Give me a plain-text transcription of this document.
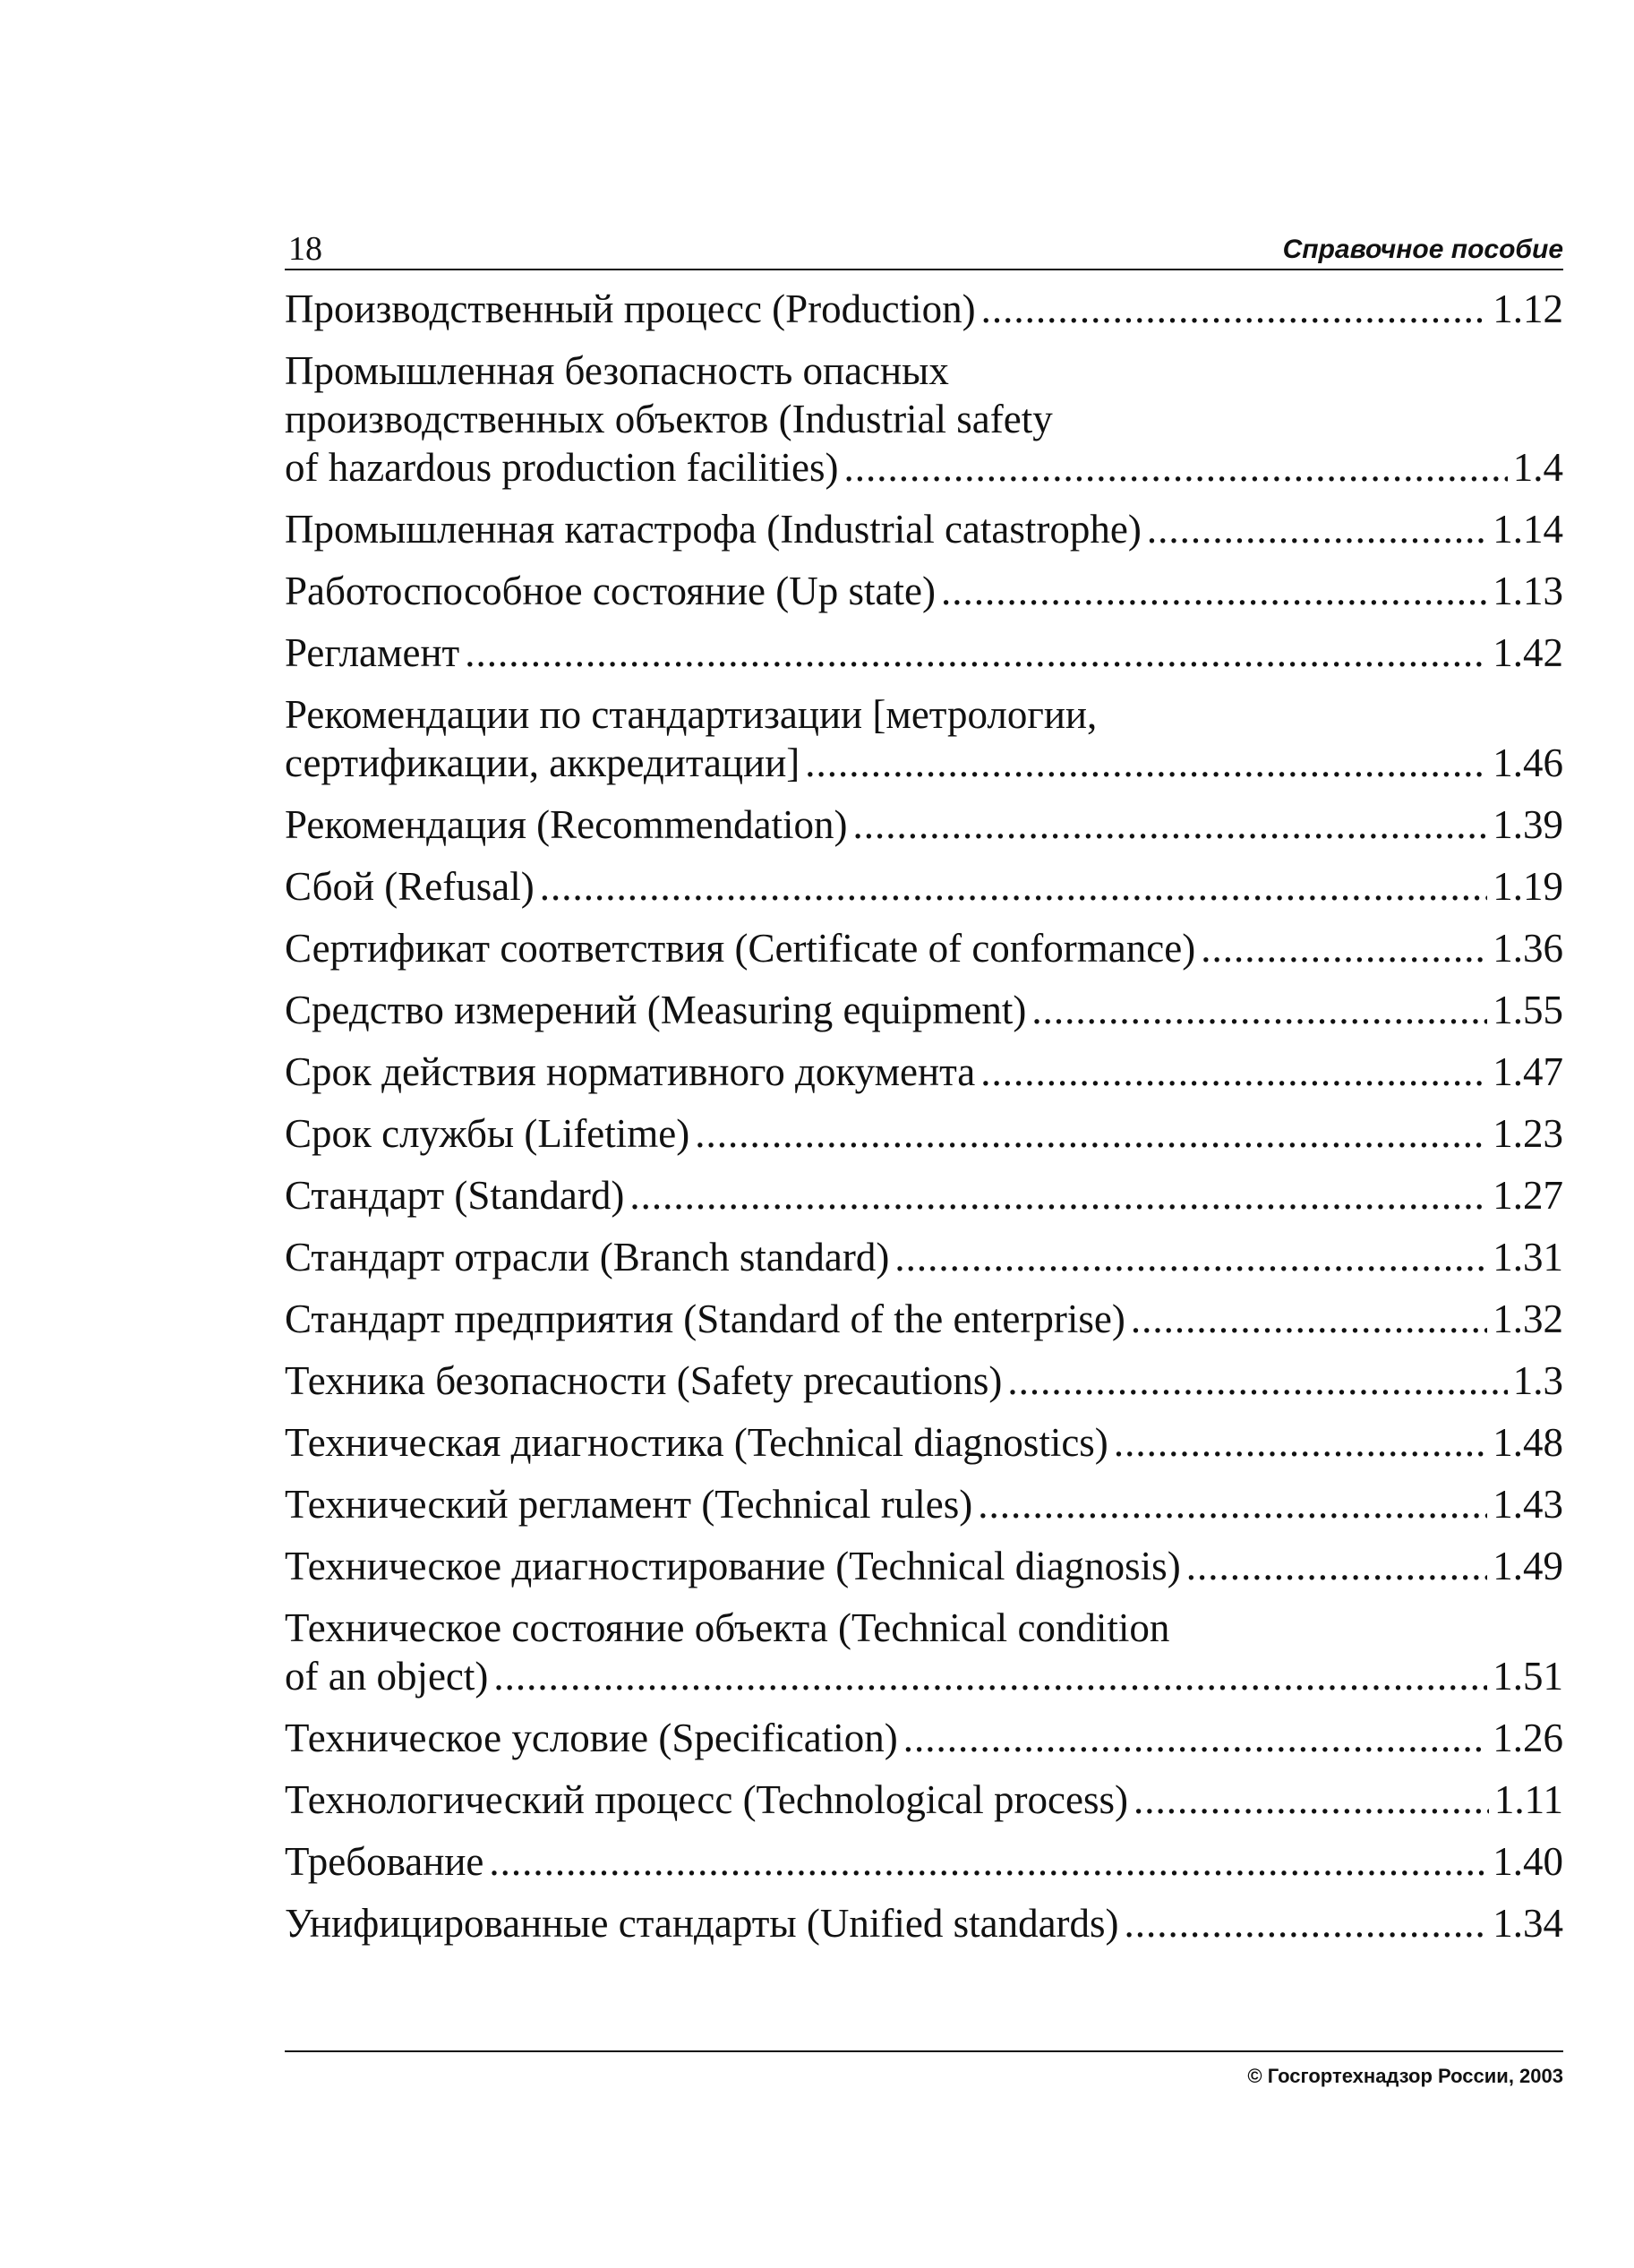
18	Справочное пособие
Производственный процесс (Production) .....	1.12
Промышленная безопасность опасных
производственных объектов (Industrial safety
of hazardous production facilities) .....	1.4
Промышленная катастрофа (Industrial catastrophe) .....	1.14
Работоспособное состояние (Up state) .....	1.13
Регламент .....	1.42
Рекомендации по стандартизации [метрологии,
сертификации, аккредитации] .....	1.46
Рекомендация (Recommendation) .....	1.39
Сбой (Refusal) .....	1.19
Сертификат соответствия (Certificate of conformance) .....	1.36
Средство измерений (Measuring equipment) .....	1.55
Срок действия нормативного документа .....	1.47
Срок службы (Lifetime) .....	1.23
Стандарт (Standard) .....	1.27
Стандарт отрасли (Branch standard) .....	1.31
Стандарт предприятия (Standard of the enterprise) .....	1.32
Техника безопасности (Safety precautions) .....	1.3
Техническая диагностика (Technical diagnostics) .....	1.48
Технический регламент (Technical rules) .....	1.43
Техническое диагностирование (Technical diagnosis) .....	1.49
Техническое состояние объекта (Technical condition
of an object) .....	1.51
Техническое условие (Specification) .....	1.26
Технологический процесс (Technological process) .....	1.11
Требование .....	1.40
Унифицированные стандарты (Unified standards) .....	1.34
© Госгортехнадзор России, 2003
